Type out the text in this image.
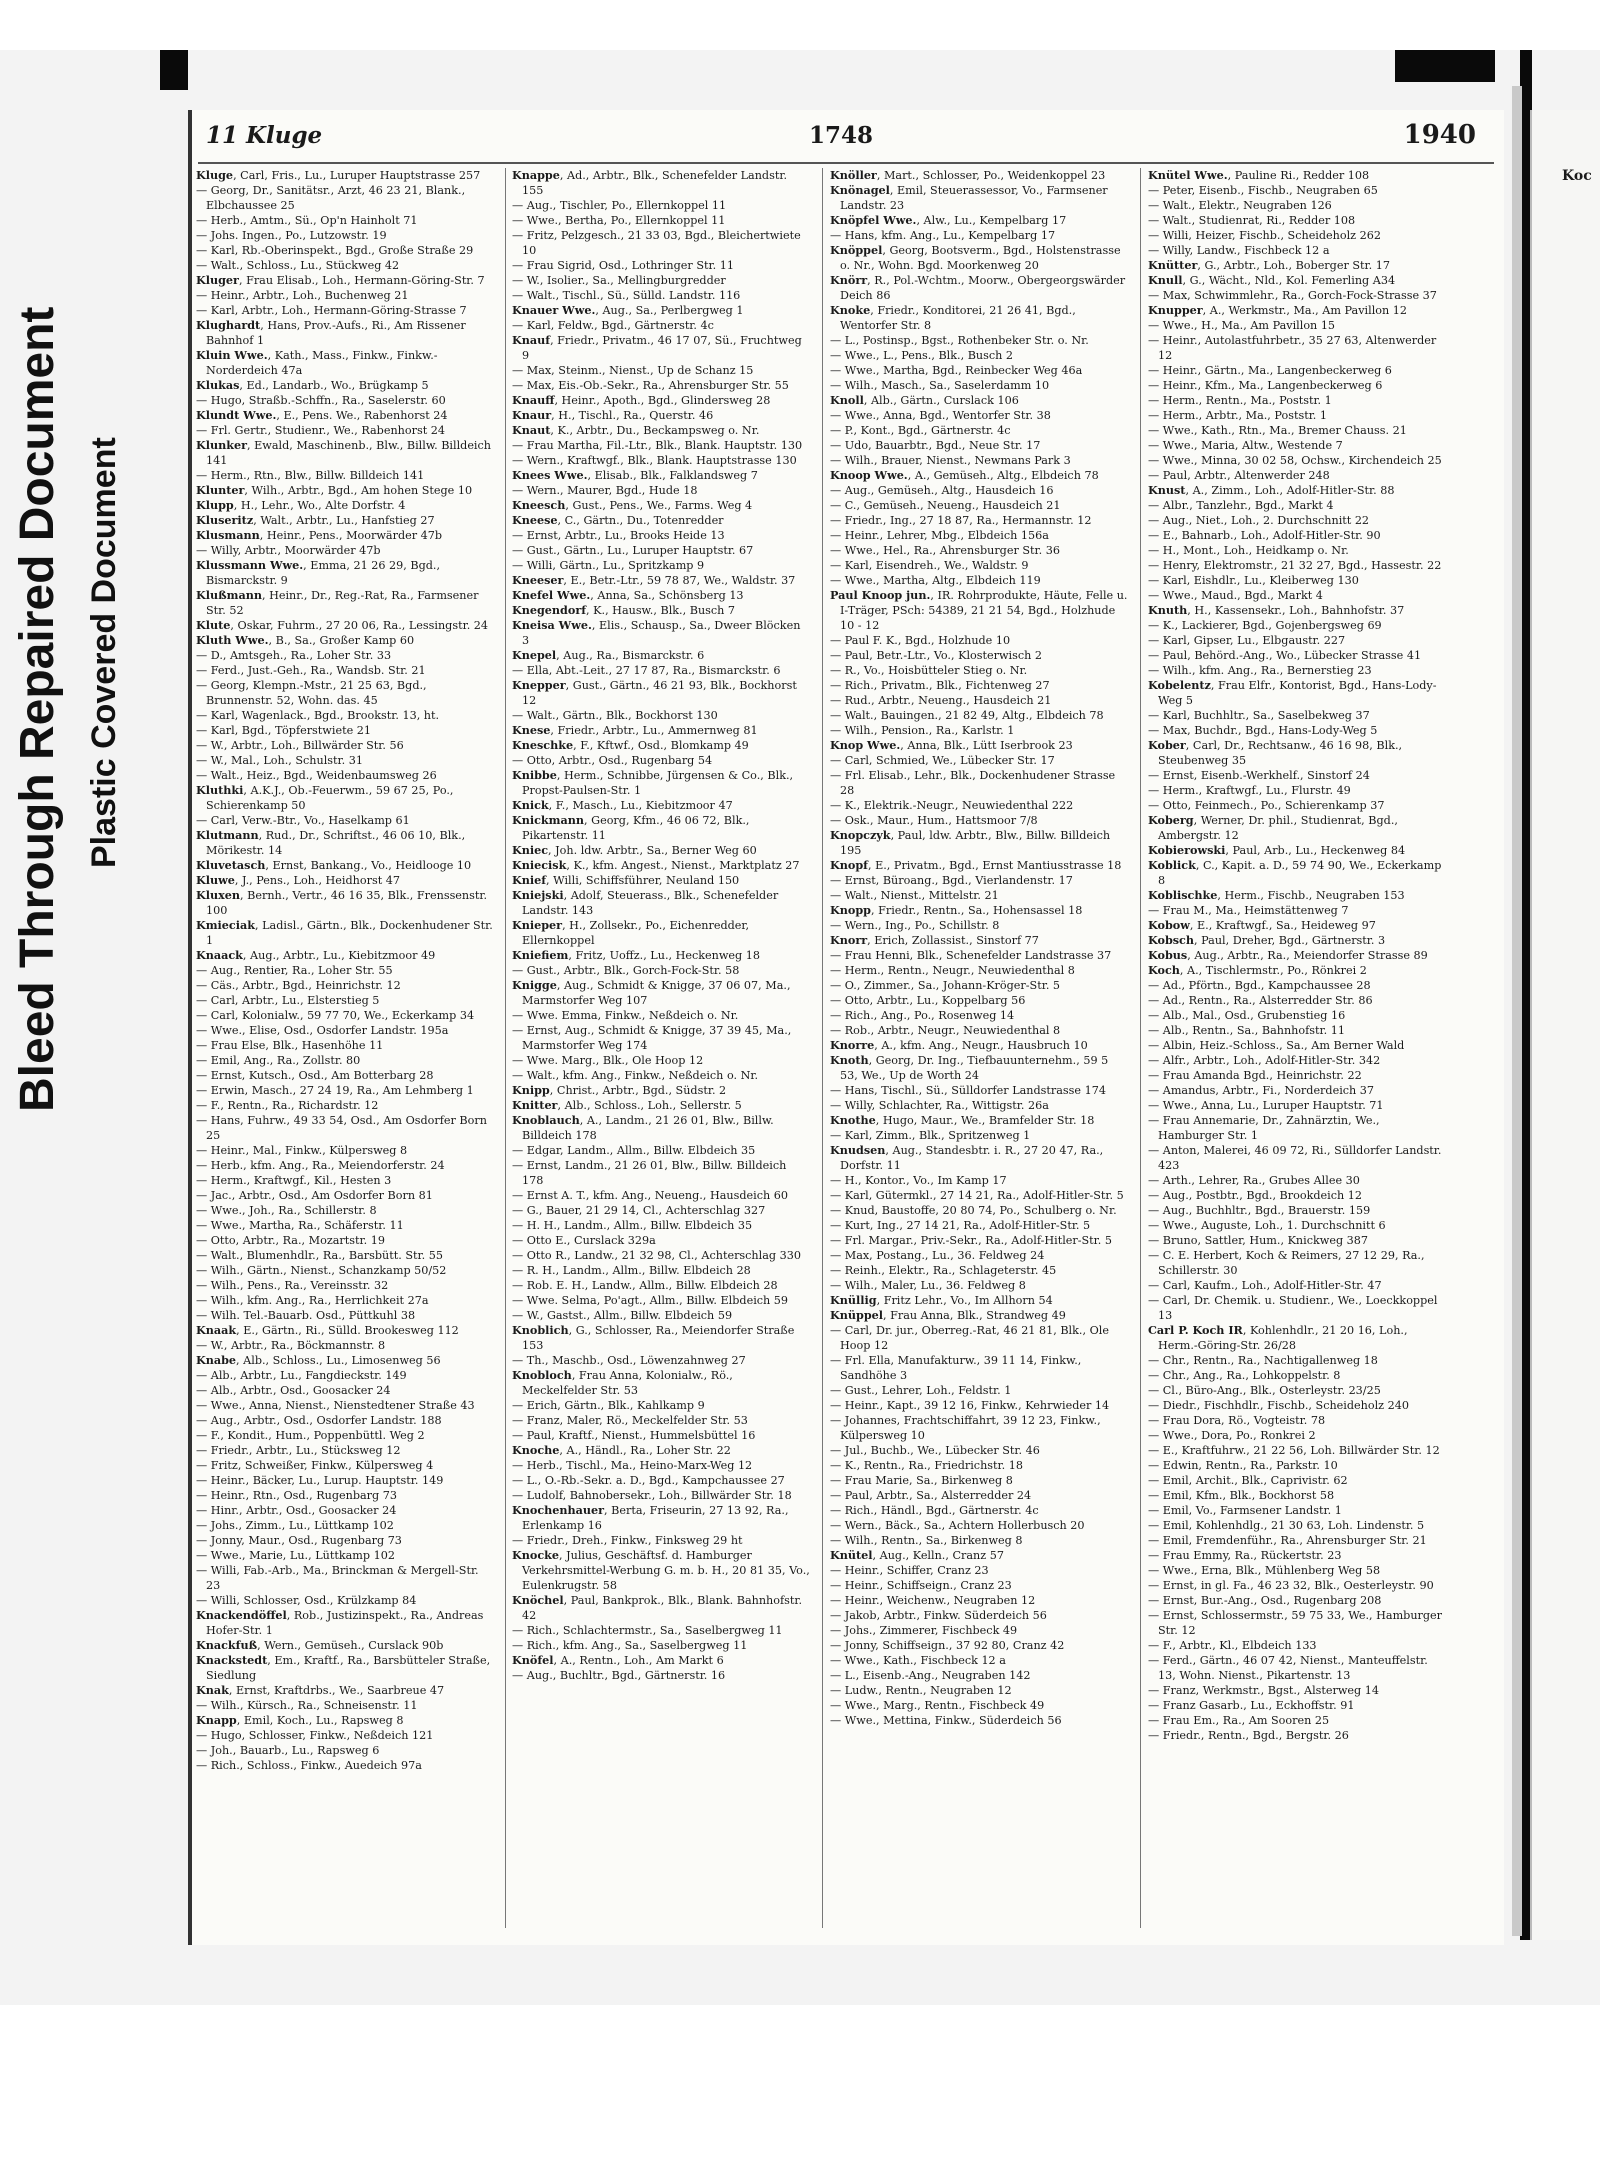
Bleed Through Repaired Document Plastic Covered Document
Koc
11 Kluge	1748	1940

Kluge, Carl, Fris., Lu., Luruper Hauptstrasse 257

— Georg, Dr., Sanitätsr., Arzt, 46 23 21, Blank., Elbchaussee 25

— Herb., Amtm., Sü., Op'n Hainholt 71

— Johs. Ingen., Po., Lutzowstr. 19

— Karl, Rb.-Oberinspekt., Bgd., Große Straße 29

— Walt., Schloss., Lu., Stückweg 42

Kluger, Frau Elisab., Loh., Hermann-Göring-Str. 7

— Heinr., Arbtr., Loh., Buchenweg 21

— Karl, Arbtr., Loh., Hermann-Göring-Strasse 7

Klughardt, Hans, Prov.-Aufs., Ri., Am Rissener Bahnhof 1

Kluin Wwe., Kath., Mass., Finkw., Finkw.-Norderdeich 47a

Klukas, Ed., Landarb., Wo., Brügkamp 5

— Hugo, Straßb.-Schffn., Ra., Saselerstr. 60

Klundt Wwe., E., Pens. We., Rabenhorst 24

— Frl. Gertr., Studienr., We., Rabenhorst 24

Klunker, Ewald, Maschinenb., Blw., Billw. Billdeich 141

— Herm., Rtn., Blw., Billw. Billdeich 141

Klunter, Wilh., Arbtr., Bgd., Am hohen Stege 10

Klupp, H., Lehr., Wo., Alte Dorfstr. 4

Kluseritz, Walt., Arbtr., Lu., Hanfstieg 27

Klusmann, Heinr., Pens., Moorwärder 47b

— Willy, Arbtr., Moorwärder 47b

Klussmann Wwe., Emma, 21 26 29, Bgd., Bismarckstr. 9

Klußmann, Heinr., Dr., Reg.-Rat, Ra., Farmsener Str. 52

Klute, Oskar, Fuhrm., 27 20 06, Ra., Lessingstr. 24

Kluth Wwe., B., Sa., Großer Kamp 60

— D., Amtsgeh., Ra., Loher Str. 33

— Ferd., Just.-Geh., Ra., Wandsb. Str. 21

— Georg, Klempn.-Mstr., 21 25 63, Bgd., Brunnenstr. 52, Wohn. das. 45

— Karl, Wagenlack., Bgd., Brookstr. 13, ht.

— Karl, Bgd., Töpferstwiete 21

— W., Arbtr., Loh., Billwärder Str. 56

— W., Mal., Loh., Schulstr. 31

— Walt., Heiz., Bgd., Weidenbaumsweg 26

Kluthki, A.K.J., Ob.-Feuerwm., 59 67 25, Po., Schierenkamp 50

— Carl, Verw.-Btr., Vo., Haselkamp 61

Klutmann, Rud., Dr., Schriftst., 46 06 10, Blk., Mörikestr. 14

Kluvetasch, Ernst, Bankang., Vo., Heidlooge 10

Kluwe, J., Pens., Loh., Heidhorst 47

Kluxen, Bernh., Vertr., 46 16 35, Blk., Frenssenstr. 100

Kmieciak, Ladisl., Gärtn., Blk., Dockenhudener Str. 1

Knaack, Aug., Arbtr., Lu., Kiebitzmoor 49

— Aug., Rentier, Ra., Loher Str. 55

— Cäs., Arbtr., Bgd., Heinrichstr. 12

— Carl, Arbtr., Lu., Elsterstieg 5

— Carl, Kolonialw., 59 77 70, We., Eckerkamp 34

— Wwe., Elise, Osd., Osdorfer Landstr. 195a

— Frau Else, Blk., Hasenhöhe 11

— Emil, Ang., Ra., Zollstr. 80

— Ernst, Kutsch., Osd., Am Botterbarg 28

— Erwin, Masch., 27 24 19, Ra., Am Lehmberg 1

— F., Rentn., Ra., Richardstr. 12

— Hans, Fuhrw., 49 33 54, Osd., Am Osdorfer Born 25

— Heinr., Mal., Finkw., Külpersweg 8

— Herb., kfm. Ang., Ra., Meiendorferstr. 24

— Herm., Kraftwgf., Kil., Hesten 3

— Jac., Arbtr., Osd., Am Osdorfer Born 81

— Wwe., Joh., Ra., Schillerstr. 8

— Wwe., Martha, Ra., Schäferstr. 11

— Otto, Arbtr., Ra., Mozartstr. 19

— Walt., Blumenhdlr., Ra., Barsbütt. Str. 55

— Wilh., Gärtn., Nienst., Schanzkamp 50/52

— Wilh., Pens., Ra., Vereinsstr. 32

— Wilh., kfm. Ang., Ra., Herrlichkeit 27a

— Wilh. Tel.-Bauarb. Osd., Püttkuhl 38

Knaak, E., Gärtn., Ri., Sülld. Brookesweg 112

— W., Arbtr., Ra., Böckmannstr. 8

Knabe, Alb., Schloss., Lu., Limosenweg 56

— Alb., Arbtr., Lu., Fangdieckstr. 149

— Alb., Arbtr., Osd., Goosacker 24

— Wwe., Anna, Nienst., Nienstedtener Straße 43

— Aug., Arbtr., Osd., Osdorfer Landstr. 188

— F., Kondit., Hum., Poppenbüttl. Weg 2

— Friedr., Arbtr., Lu., Stücksweg 12

— Fritz, Schweißer, Finkw., Külpersweg 4

— Heinr., Bäcker, Lu., Lurup. Hauptstr. 149

— Heinr., Rtn., Osd., Rugenbarg 73

— Hinr., Arbtr., Osd., Goosacker 24

— Johs., Zimm., Lu., Lüttkamp 102

— Jonny, Maur., Osd., Rugenbarg 73

— Wwe., Marie, Lu., Lüttkamp 102

— Willi, Fab.-Arb., Ma., Brinckman & Mergell-Str. 23

— Willi, Schlosser, Osd., Krülzkamp 84

Knackendöffel, Rob., Justizinspekt., Ra., Andreas Hofer-Str. 1

Knackfuß, Wern., Gemüseh., Curslack 90b

Knackstedt, Em., Kraftf., Ra., Barsbütteler Straße, Siedlung

Knak, Ernst, Kraftdrbs., We., Saarbreue 47

— Wilh., Kürsch., Ra., Schneisenstr. 11

Knapp, Emil, Koch., Lu., Rapsweg 8

— Hugo, Schlosser, Finkw., Neßdeich 121

— Joh., Bauarb., Lu., Rapsweg 6

— Rich., Schloss., Finkw., Auedeich 97a

Knappe, Ad., Arbtr., Blk., Schenefelder Landstr. 155

— Aug., Tischler, Po., Ellernkoppel 11

— Wwe., Bertha, Po., Ellernkoppel 11

— Fritz, Pelzgesch., 21 33 03, Bgd., Bleichertwiete 10

— Frau Sigrid, Osd., Lothringer Str. 11

— W., Isolier., Sa., Mellingburgredder

— Walt., Tischl., Sü., Sülld. Landstr. 116

Knauer Wwe., Aug., Sa., Perlbergweg 1

— Karl, Feldw., Bgd., Gärtnerstr. 4c

Knauf, Friedr., Privatm., 46 17 07, Sü., Fruchtweg 9

— Max, Steinm., Nienst., Up de Schanz 15

— Max, Eis.-Ob.-Sekr., Ra., Ahrensburger Str. 55

Knauff, Heinr., Apoth., Bgd., Glindersweg 28

Knaur, H., Tischl., Ra., Querstr. 46

Knaut, K., Arbtr., Du., Beckampsweg o. Nr.

— Frau Martha, Fil.-Ltr., Blk., Blank. Hauptstr. 130

— Wern., Kraftwgf., Blk., Blank. Hauptstrasse 130

Knees Wwe., Elisab., Blk., Falklandsweg 7

— Wern., Maurer, Bgd., Hude 18

Kneesch, Gust., Pens., We., Farms. Weg 4

Kneese, C., Gärtn., Du., Totenredder

— Ernst, Arbtr., Lu., Brooks Heide 13

— Gust., Gärtn., Lu., Luruper Hauptstr. 67

— Willi, Gärtn., Lu., Spritzkamp 9

Kneeser, E., Betr.-Ltr., 59 78 87, We., Waldstr. 37

Knefel Wwe., Anna, Sa., Schönsberg 13

Knegendorf, K., Hausw., Blk., Busch 7

Kneisa Wwe., Elis., Schausp., Sa., Dweer Blöcken 3

Knepel, Aug., Ra., Bismarckstr. 6

— Ella, Abt.-Leit., 27 17 87, Ra., Bismarckstr. 6

Knepper, Gust., Gärtn., 46 21 93, Blk., Bockhorst 12

— Walt., Gärtn., Blk., Bockhorst 130

Knese, Friedr., Arbtr., Lu., Ammernweg 81

Kneschke, F., Kftwf., Osd., Blomkamp 49

— Otto, Arbtr., Osd., Rugenbarg 54

Knibbe, Herm., Schnibbe, Jürgensen & Co., Blk., Propst-Paulsen-Str. 1

Knick, F., Masch., Lu., Kiebitzmoor 47

Knickmann, Georg, Kfm., 46 06 72, Blk., Pikartenstr. 11

Kniec, Joh. ldw. Arbtr., Sa., Berner Weg 60

Kniecisk, K., kfm. Angest., Nienst., Marktplatz 27

Knief, Willi, Schiffsführer, Neuland 150

Kniejski, Adolf, Steuerass., Blk., Schenefelder Landstr. 143

Knieper, H., Zollsekr., Po., Eichenredder, Ellernkoppel

Kniefiem, Fritz, Uoffz., Lu., Heckenweg 18

— Gust., Arbtr., Blk., Gorch-Fock-Str. 58

Knigge, Aug., Schmidt & Knigge, 37 06 07, Ma., Marmstorfer Weg 107

— Wwe. Emma, Finkw., Neßdeich o. Nr.

— Ernst, Aug., Schmidt & Knigge, 37 39 45, Ma., Marmstorfer Weg 174

— Wwe. Marg., Blk., Ole Hoop 12

— Walt., kfm. Ang., Finkw., Neßdeich o. Nr.

Knipp, Christ., Arbtr., Bgd., Südstr. 2

Knitter, Alb., Schloss., Loh., Sellerstr. 5

Knoblauch, A., Landm., 21 26 01, Blw., Billw. Billdeich 178

— Edgar, Landm., Allm., Billw. Elbdeich 35

— Ernst, Landm., 21 26 01, Blw., Billw. Billdeich 178

— Ernst A. T., kfm. Ang., Neueng., Hausdeich 60

— G., Bauer, 21 29 14, Cl., Achterschlag 327

— H. H., Landm., Allm., Billw. Elbdeich 35

— Otto E., Curslack 329a

— Otto R., Landw., 21 32 98, Cl., Achterschlag 330

— R. H., Landm., Allm., Billw. Elbdeich 28

— Rob. E. H., Landw., Allm., Billw. Elbdeich 28

— Wwe. Selma, Po'agt., Allm., Billw. Elbdeich 59

— W., Gastst., Allm., Billw. Elbdeich 59

Knoblich, G., Schlosser, Ra., Meiendorfer Straße 153

— Th., Maschb., Osd., Löwenzahnweg 27

Knobloch, Frau Anna, Kolonialw., Rö., Meckelfelder Str. 53

— Erich, Gärtn., Blk., Kahlkamp 9

— Franz, Maler, Rö., Meckelfelder Str. 53

— Paul, Kraftf., Nienst., Hummelsbüttel 16

Knoche, A., Händl., Ra., Loher Str. 22

— Herb., Tischl., Ma., Heino-Marx-Weg 12

— L., O.-Rb.-Sekr. a. D., Bgd., Kampchaussee 27

— Ludolf, Bahnobersekr., Loh., Billwärder Str. 18

Knochenhauer, Berta, Friseurin, 27 13 92, Ra., Erlenkamp 16

— Friedr., Dreh., Finkw., Finksweg 29 ht

Knocke, Julius, Geschäftsf. d. Hamburger Verkehrsmittel-Werbung G. m. b. H., 20 81 35, Vo., Eulenkrugstr. 58

Knöchel, Paul, Bankprok., Blk., Blank. Bahnhofstr. 42

— Rich., Schlachtermstr., Sa., Saselbergweg 11

— Rich., kfm. Ang., Sa., Saselbergweg 11

Knöfel, A., Rentn., Loh., Am Markt 6

— Aug., Buchltr., Bgd., Gärtnerstr. 16

Knöller, Mart., Schlosser, Po., Weidenkoppel 23

Knönagel, Emil, Steuerassessor, Vo., Farmsener Landstr. 23

Knöpfel Wwe., Alw., Lu., Kempelbarg 17

— Hans, kfm. Ang., Lu., Kempelbarg 17

Knöppel, Georg, Bootsverm., Bgd., Holstenstrasse o. Nr., Wohn. Bgd. Moorkenweg 20

Knörr, R., Pol.-Wchtm., Moorw., Obergeorgswärder Deich 86

Knoke, Friedr., Konditorei, 21 26 41, Bgd., Wentorfer Str. 8

— L., Postinsp., Bgst., Rothenbeker Str. o. Nr.

— Wwe., L., Pens., Blk., Busch 2

— Wwe., Martha, Bgd., Reinbecker Weg 46a

— Wilh., Masch., Sa., Saselerdamm 10

Knoll, Alb., Gärtn., Curslack 106

— Wwe., Anna, Bgd., Wentorfer Str. 38

— P., Kont., Bgd., Gärtnerstr. 4c

— Udo, Bauarbtr., Bgd., Neue Str. 17

— Wilh., Brauer, Nienst., Newmans Park 3

Knoop Wwe., A., Gemüseh., Altg., Elbdeich 78

— Aug., Gemüseh., Altg., Hausdeich 16

— C., Gemüseh., Neueng., Hausdeich 21

— Friedr., Ing., 27 18 87, Ra., Hermannstr. 12

— Heinr., Lehrer, Mbg., Elbdeich 156a

— Wwe., Hel., Ra., Ahrensburger Str. 36

— Karl, Eisendreh., We., Waldstr. 9

— Wwe., Martha, Altg., Elbdeich 119

Paul Knoop jun., IR. Rohrprodukte, Häute, Felle u. I-Träger, PSch: 54389, 21 21 54, Bgd., Holzhude 10 - 12

— Paul F. K., Bgd., Holzhude 10

— Paul, Betr.-Ltr., Vo., Klosterwisch 2

— R., Vo., Hoisbütteler Stieg o. Nr.

— Rich., Privatm., Blk., Fichtenweg 27

— Rud., Arbtr., Neueng., Hausdeich 21

— Walt., Bauingen., 21 82 49, Altg., Elbdeich 78

— Wilh., Pension., Ra., Karlstr. 1

Knop Wwe., Anna, Blk., Lütt Iserbrook 23

— Carl, Schmied, We., Lübecker Str. 17

— Frl. Elisab., Lehr., Blk., Dockenhudener Strasse 28

— K., Elektrik.-Neugr., Neuwiedenthal 222

— Osk., Maur., Hum., Hattsmoor 7/8

Knopczyk, Paul, ldw. Arbtr., Blw., Billw. Billdeich 195

Knopf, E., Privatm., Bgd., Ernst Mantiusstrasse 18

— Ernst, Büroang., Bgd., Vierlandenstr. 17

— Walt., Nienst., Mittelstr. 21

Knopp, Friedr., Rentn., Sa., Hohensassel 18

— Wern., Ing., Po., Schillstr. 8

Knorr, Erich, Zollassist., Sinstorf 77

— Frau Henni, Blk., Schenefelder Landstrasse 37

— Herm., Rentn., Neugr., Neuwiedenthal 8

— O., Zimmer., Sa., Johann-Kröger-Str. 5

— Otto, Arbtr., Lu., Koppelbarg 56

— Rich., Ang., Po., Rosenweg 14

— Rob., Arbtr., Neugr., Neuwiedenthal 8

Knorre, A., kfm. Ang., Neugr., Hausbruch 10

Knoth, Georg, Dr. Ing., Tiefbauunternehm., 59 5 53, We., Up de Worth 24

— Hans, Tischl., Sü., Sülldorfer Landstrasse 174

— Willy, Schlachter, Ra., Wittigstr. 26a

Knothe, Hugo, Maur., We., Bramfelder Str. 18

— Karl, Zimm., Blk., Spritzenweg 1

Knudsen, Aug., Standesbtr. i. R., 27 20 47, Ra., Dorfstr. 11

— H., Kontor., Vo., Im Kamp 17

— Karl, Gütermkl., 27 14 21, Ra., Adolf-Hitler-Str. 5

— Knud, Baustoffe, 20 80 74, Po., Schulberg o. Nr.

— Kurt, Ing., 27 14 21, Ra., Adolf-Hitler-Str. 5

— Frl. Margar., Priv.-Sekr., Ra., Adolf-Hitler-Str. 5

— Max, Postang., Lu., 36. Feldweg 24

— Reinh., Elektr., Ra., Schlageterstr. 45

— Wilh., Maler, Lu., 36. Feldweg 8

Knüllig, Fritz Lehr., Vo., Im Allhorn 54

Knüppel, Frau Anna, Blk., Strandweg 49

— Carl, Dr. jur., Oberreg.-Rat, 46 21 81, Blk., Ole Hoop 12

— Frl. Ella, Manufakturw., 39 11 14, Finkw., Sandhöhe 3

— Gust., Lehrer, Loh., Feldstr. 1

— Heinr., Kapt., 39 12 16, Finkw., Kehrwieder 14

— Johannes, Frachtschiffahrt, 39 12 23, Finkw., Külpersweg 10

— Jul., Buchb., We., Lübecker Str. 46

— K., Rentn., Ra., Friedrichstr. 18

— Frau Marie, Sa., Birkenweg 8

— Paul, Arbtr., Sa., Alsterredder 24

— Rich., Händl., Bgd., Gärtnerstr. 4c

— Wern., Bäck., Sa., Achtern Hollerbusch 20

— Wilh., Rentn., Sa., Birkenweg 8

Knütel, Aug., Kelln., Cranz 57

— Heinr., Schiffer, Cranz 23

— Heinr., Schiffseign., Cranz 23

— Heinr., Weichenw., Neugraben 12

— Jakob, Arbtr., Finkw. Süderdeich 56

— Johs., Zimmerer, Fischbeck 49

— Jonny, Schiffseign., 37 92 80, Cranz 42

— Wwe., Kath., Fischbeck 12 a

— L., Eisenb.-Ang., Neugraben 142

— Ludw., Rentn., Neugraben 12

— Wwe., Marg., Rentn., Fischbeck 49

— Wwe., Mettina, Finkw., Süderdeich 56

Knütel Wwe., Pauline Ri., Redder 108

— Peter, Eisenb., Fischb., Neugraben 65

— Walt., Elektr., Neugraben 126

— Walt., Studienrat, Ri., Redder 108

— Willi, Heizer, Fischb., Scheideholz 262

— Willy, Landw., Fischbeck 12 a

Knütter, G., Arbtr., Loh., Boberger Str. 17

Knull, G., Wächt., Nld., Kol. Femerling A34

— Max, Schwimmlehr., Ra., Gorch-Fock-Strasse 37

Knupper, A., Werkmstr., Ma., Am Pavillon 12

— Wwe., H., Ma., Am Pavillon 15

— Heinr., Autolastfuhrbetr., 35 27 63, Altenwerder 12

— Heinr., Gärtn., Ma., Langenbeckerweg 6

— Heinr., Kfm., Ma., Langenbeckerweg 6

— Herm., Rentn., Ma., Poststr. 1

— Herm., Arbtr., Ma., Poststr. 1

— Wwe., Kath., Rtn., Ma., Bremer Chauss. 21

— Wwe., Maria, Altw., Westende 7

— Wwe., Minna, 30 02 58, Ochsw., Kirchendeich 25

— Paul, Arbtr., Altenwerder 248

Knust, A., Zimm., Loh., Adolf-Hitler-Str. 88

— Albr., Tanzlehr., Bgd., Markt 4

— Aug., Niet., Loh., 2. Durchschnitt 22

— E., Bahnarb., Loh., Adolf-Hitler-Str. 90

— H., Mont., Loh., Heidkamp o. Nr.

— Henry, Elektromstr., 21 32 27, Bgd., Hassestr. 22

— Karl, Eishdlr., Lu., Kleiberweg 130

— Wwe., Maud., Bgd., Markt 4

Knuth, H., Kassensekr., Loh., Bahnhofstr. 37

— K., Lackierer, Bgd., Gojenbergsweg 69

— Karl, Gipser, Lu., Elbgaustr. 227

— Paul, Behörd.-Ang., Wo., Lübecker Strasse 41

— Wilh., kfm. Ang., Ra., Bernerstieg 23

Kobelentz, Frau Elfr., Kontorist, Bgd., Hans-Lody-Weg 5

— Karl, Buchhltr., Sa., Saselbekweg 37

— Max, Buchdr., Bgd., Hans-Lody-Weg 5

Kober, Carl, Dr., Rechtsanw., 46 16 98, Blk., Steubenweg 35

— Ernst, Eisenb.-Werkhelf., Sinstorf 24

— Herm., Kraftwgf., Lu., Flurstr. 49

— Otto, Feinmech., Po., Schierenkamp 37

Koberg, Werner, Dr. phil., Studienrat, Bgd., Ambergstr. 12

Kobierowski, Paul, Arb., Lu., Heckenweg 84

Koblick, C., Kapit. a. D., 59 74 90, We., Eckerkamp 8

Koblischke, Herm., Fischb., Neugraben 153

— Frau M., Ma., Heimstättenweg 7

Kobow, E., Kraftwgf., Sa., Heideweg 97

Kobsch, Paul, Dreher, Bgd., Gärtnerstr. 3

Kobus, Aug., Arbtr., Ra., Meiendorfer Strasse 89

Koch, A., Tischlermstr., Po., Rönkrei 2

— Ad., Pförtn., Bgd., Kampchaussee 28

— Ad., Rentn., Ra., Alsterredder Str. 86

— Alb., Mal., Osd., Grubenstieg 16

— Alb., Rentn., Sa., Bahnhofstr. 11

— Albin, Heiz.-Schloss., Sa., Am Berner Wald

— Alfr., Arbtr., Loh., Adolf-Hitler-Str. 342

— Frau Amanda Bgd., Heinrichstr. 22

— Amandus, Arbtr., Fi., Norderdeich 37

— Wwe., Anna, Lu., Luruper Hauptstr. 71

— Frau Annemarie, Dr., Zahnärztin, We., Hamburger Str. 1

— Anton, Malerei, 46 09 72, Ri., Sülldorfer Landstr. 423

— Arth., Lehrer, Ra., Grubes Allee 30

— Aug., Postbtr., Bgd., Brookdeich 12

— Aug., Buchhltr., Bgd., Brauerstr. 159

— Wwe., Auguste, Loh., 1. Durchschnitt 6

— Bruno, Sattler, Hum., Knickweg 387

— C. E. Herbert, Koch & Reimers, 27 12 29, Ra., Schillerstr. 30

— Carl, Kaufm., Loh., Adolf-Hitler-Str. 47

— Carl, Dr. Chemik. u. Studienr., We., Loeckkoppel 13

Carl P. Koch IR, Kohlenhdlr., 21 20 16, Loh., Herm.-Göring-Str. 26/28

— Chr., Rentn., Ra., Nachtigallenweg 18

— Chr., Ang., Ra., Lohkoppelstr. 8

— Cl., Büro-Ang., Blk., Osterleystr. 23/25

— Diedr., Fischhdlr., Fischb., Scheideholz 240

— Frau Dora, Rö., Vogteistr. 78

— Wwe., Dora, Po., Ronkrei 2

— E., Kraftfuhrw., 21 22 56, Loh. Billwärder Str. 12

— Edwin, Rentn., Ra., Parkstr. 10

— Emil, Archit., Blk., Caprivistr. 62

— Emil, Kfm., Blk., Bockhorst 58

— Emil, Vo., Farmsener Landstr. 1

— Emil, Kohlenhdlg., 21 30 63, Loh. Lindenstr. 5

— Emil, Fremdenführ., Ra., Ahrensburger Str. 21

— Frau Emmy, Ra., Rückertstr. 23

— Wwe., Erna, Blk., Mühlenberg Weg 58

— Ernst, in gl. Fa., 46 23 32, Blk., Oesterleystr. 90

— Ernst, Bur.-Ang., Osd., Rugenbarg 208

— Ernst, Schlossermstr., 59 75 33, We., Hamburger Str. 12

— F., Arbtr., Kl., Elbdeich 133

— Ferd., Gärtn., 46 07 42, Nienst., Manteuffelstr. 13, Wohn. Nienst., Pikartenstr. 13

— Franz, Werkmstr., Bgst., Alsterweg 14

— Franz Gasarb., Lu., Eckhoffstr. 91

— Frau Em., Ra., Am Sooren 25

— Friedr., Rentn., Bgd., Bergstr. 26
